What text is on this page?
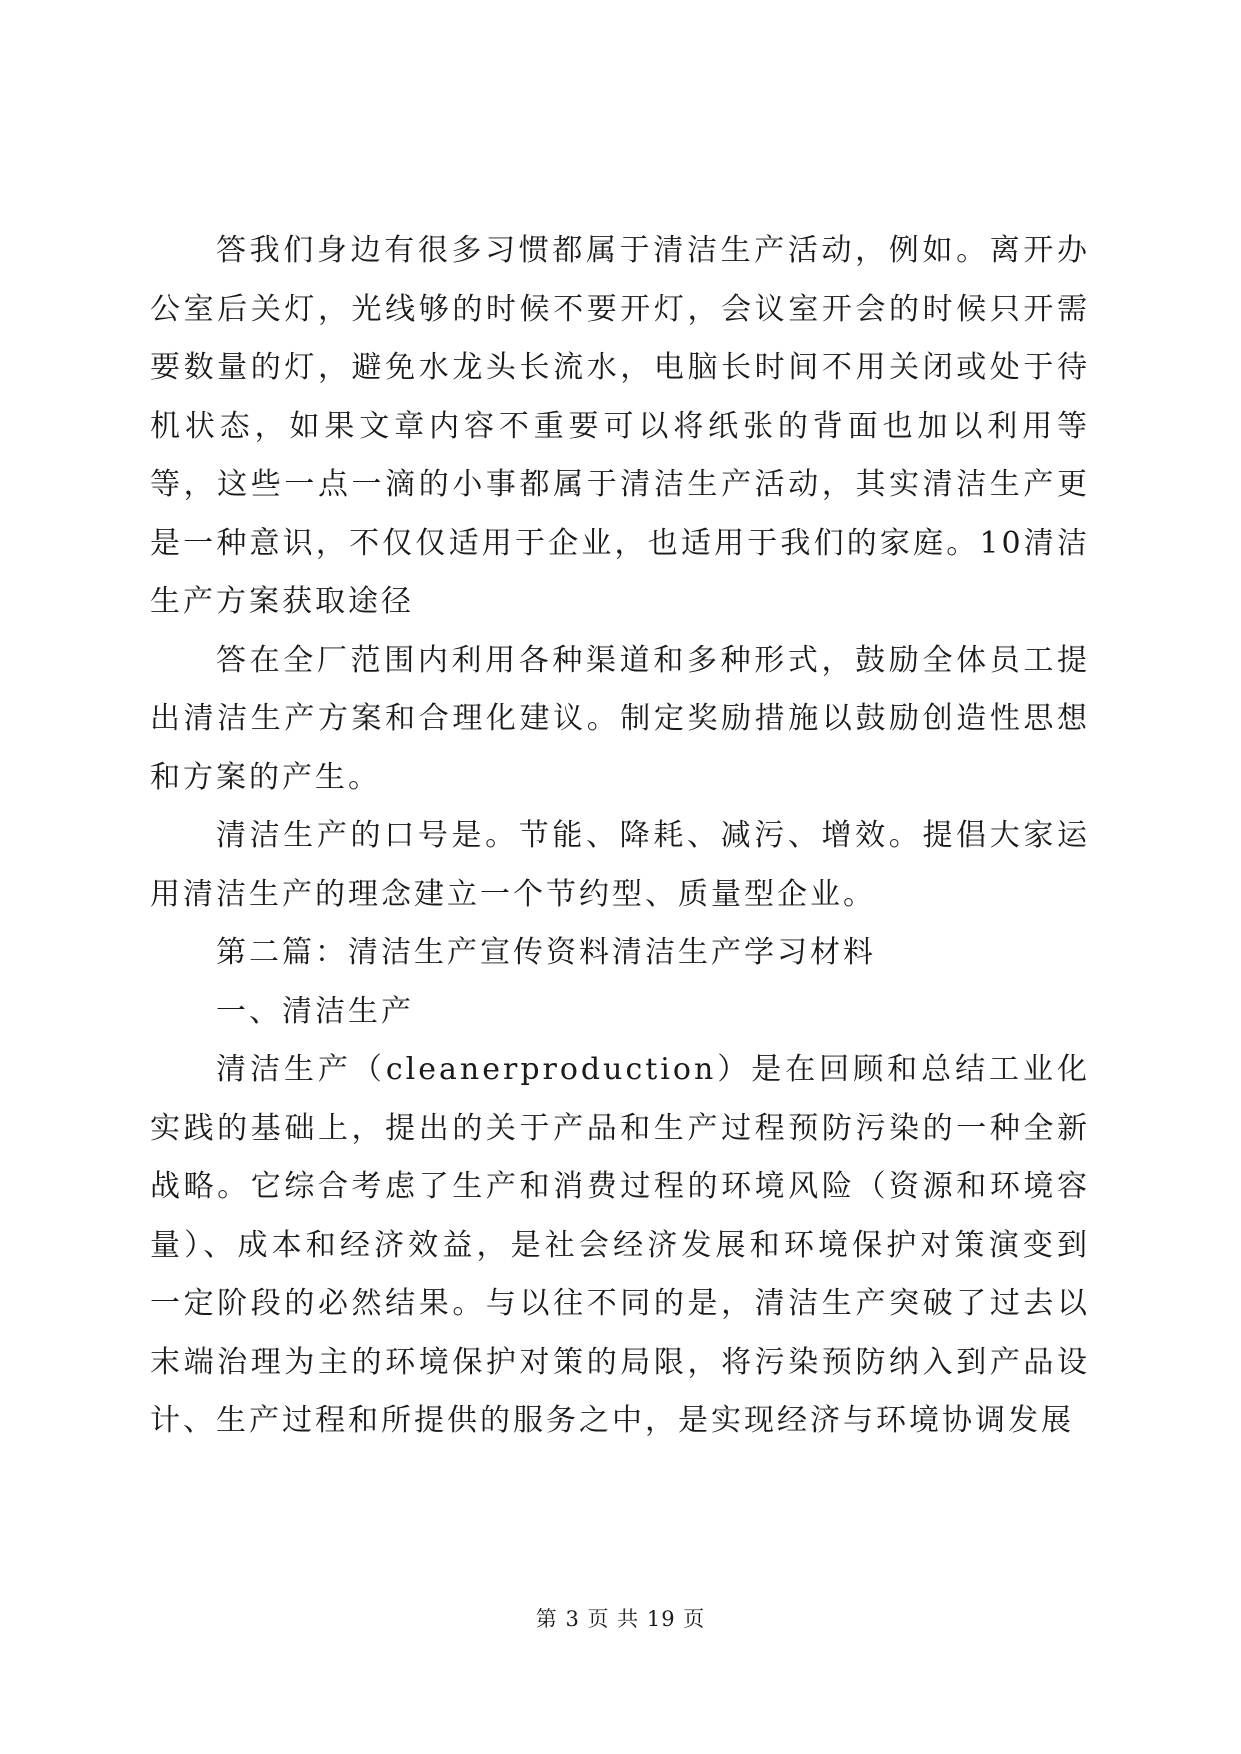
答我们身边有很多习惯都属于清洁生产活动，例如。离开办公室后关灯，光线够的时候不要开灯，会议室开会的时候只开需要数量的灯，避免水龙头长流水，电脑长时间不用关闭或处于待机状态，如果文章内容不重要可以将纸张的背面也加以利用等等，这些一点一滴的小事都属于清洁生产活动，其实清洁生产更是一种意识，不仅仅适用于企业，也适用于我们的家庭。10清洁生产方案获取途径

答在全厂范围内利用各种渠道和多种形式，鼓励全体员工提出清洁生产方案和合理化建议。制定奖励措施以鼓励创造性思想和方案的产生。

清洁生产的口号是。节能、降耗、减污、增效。提倡大家运用清洁生产的理念建立一个节约型、质量型企业。

第二篇：清洁生产宣传资料清洁生产学习材料

一、清洁生产

清洁生产（cleanerproduction）是在回顾和总结工业化实践的基础上，提出的关于产品和生产过程预防污染的一种全新战略。它综合考虑了生产和消费过程的环境风险（资源和环境容量）、成本和经济效益，是社会经济发展和环境保护对策演变到一定阶段的必然结果。与以往不同的是，清洁生产突破了过去以末端治理为主的环境保护对策的局限，将污染预防纳入到产品设计、生产过程和所提供的服务之中，是实现经济与环境协调发展

第 3 页 共 19 页
